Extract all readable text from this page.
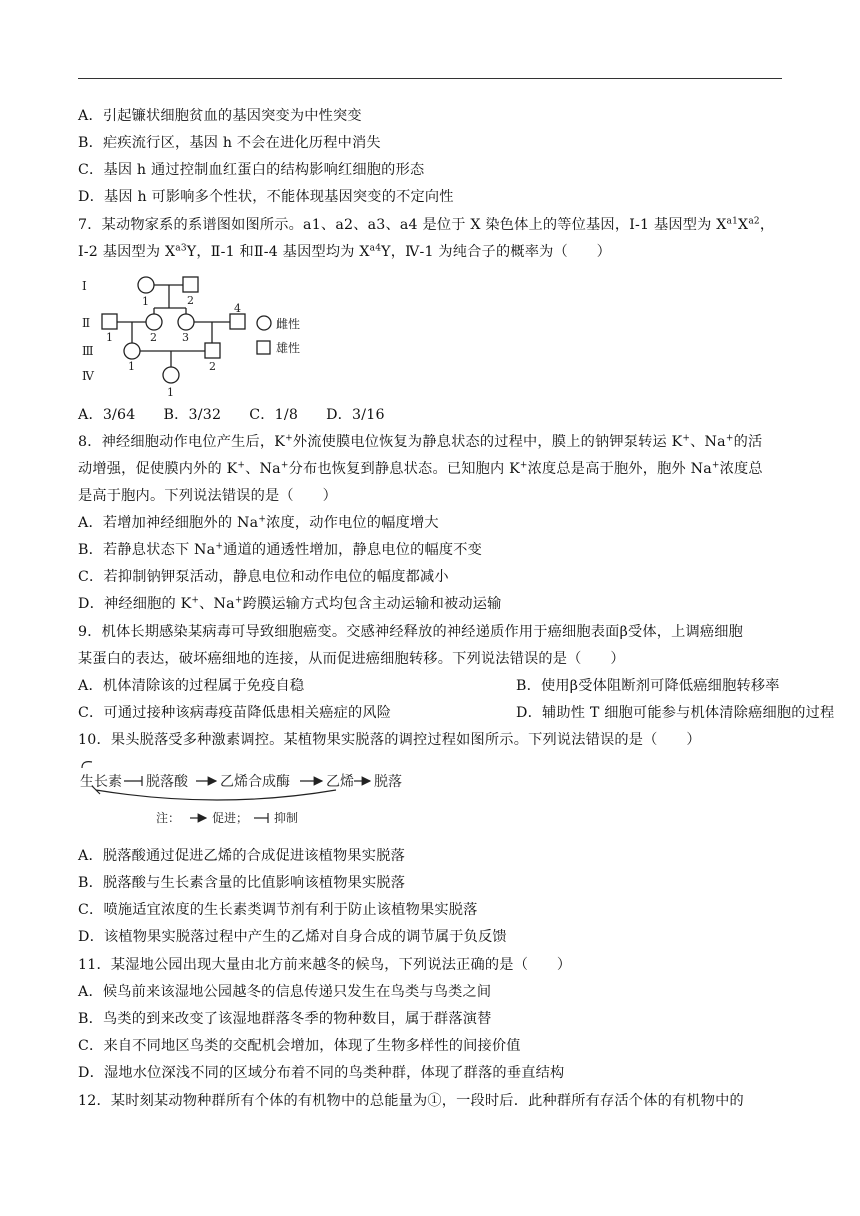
A．引起镰状细胞贫血的基因突变为中性突变
B．疟疾流行区，基因 h 不会在进化历程中消失
C．基因 h 通过控制血红蛋白的结构影响红细胞的形态
D．基因 h 可影响多个性状，不能体现基因突变的不定向性
7．某动物家系的系谱图如图所示。a1、a2、a3、a4 是位于 X 染色体上的等位基因，Ⅰ-1 基因型为 $X^{a1}X^{a2}$，
Ⅰ-2 基因型为 $X^{a3}Y$，Ⅱ-1 和Ⅱ-4 基因型均为 $X^{a4}Y$，Ⅳ-1 为纯合子的概率为（　　）
Ⅰ
Ⅱ
Ⅲ
Ⅳ
1	2
1	2 3
4
1	2
1
雌性
雄性
A．3/64 B．3/32 C．1/8 D．3/16
8．神经细胞动作电位产生后，K+外流使膜电位恢复为静息状态的过程中，膜上的钠钾泵转运 K+、Na+的活
动增强，促使膜内外的 K+、Na+分布也恢复到静息状态。已知胞内 K+浓度总是高于胞外，胞外 Na+浓度总
是高于胞内。下列说法错误的是（　　）
A．若增加神经细胞外的 Na+浓度，动作电位的幅度增大
B．若静息状态下 Na+通道的通透性增加，静息电位的幅度不变
C．若抑制钠钾泵活动，静息电位和动作电位的幅度都减小
D．神经细胞的 K+、Na+跨膜运输方式均包含主动运输和被动运输
9．机体长期感染某病毒可导致细胞癌变。交感神经释放的神经递质作用于癌细胞表面β受体，上调癌细胞
某蛋白的表达，破坏癌细地的连接，从而促进癌细胞转移。下列说法错误的是（　　）
A．机体清除该的过程属于免疫自稳	B．使用β受体阻断剂可降低癌细胞转移率
C．可通过接种该病毒疫苗降低患相关癌症的风险	D．辅助性 T 细胞可能参与机体清除癌细胞的过程
10．果头脱落受多种激素调控。某植物果实脱落的调控过程如图所示。下列说法错误的是（　　）
生长素 脱落酸 乙烯合成酶	乙烯 脱落
注：	促进； 抑制
A．脱落酸通过促进乙烯的合成促进该植物果实脱落
B．脱落酸与生长素含量的比值影响该植物果实脱落
C．喷施适宜浓度的生长素类调节剂有利于防止该植物果实脱落
D．该植物果实脱落过程中产生的乙烯对自身合成的调节属于负反馈
11．某湿地公园出现大量由北方前来越冬的候鸟，下列说法正确的是（　　）
A．候鸟前来该湿地公园越冬的信息传递只发生在鸟类与鸟类之间
B．鸟类的到来改变了该湿地群落冬季的物种数目，属于群落演替
C．来自不同地区鸟类的交配机会增加，体现了生物多样性的间接价值
D．湿地水位深浅不同的区域分布着不同的鸟类种群，体现了群落的垂直结构
12．某时刻某动物种群所有个体的有机物中的总能量为①，一段时后．此种群所有存活个体的有机物中的
